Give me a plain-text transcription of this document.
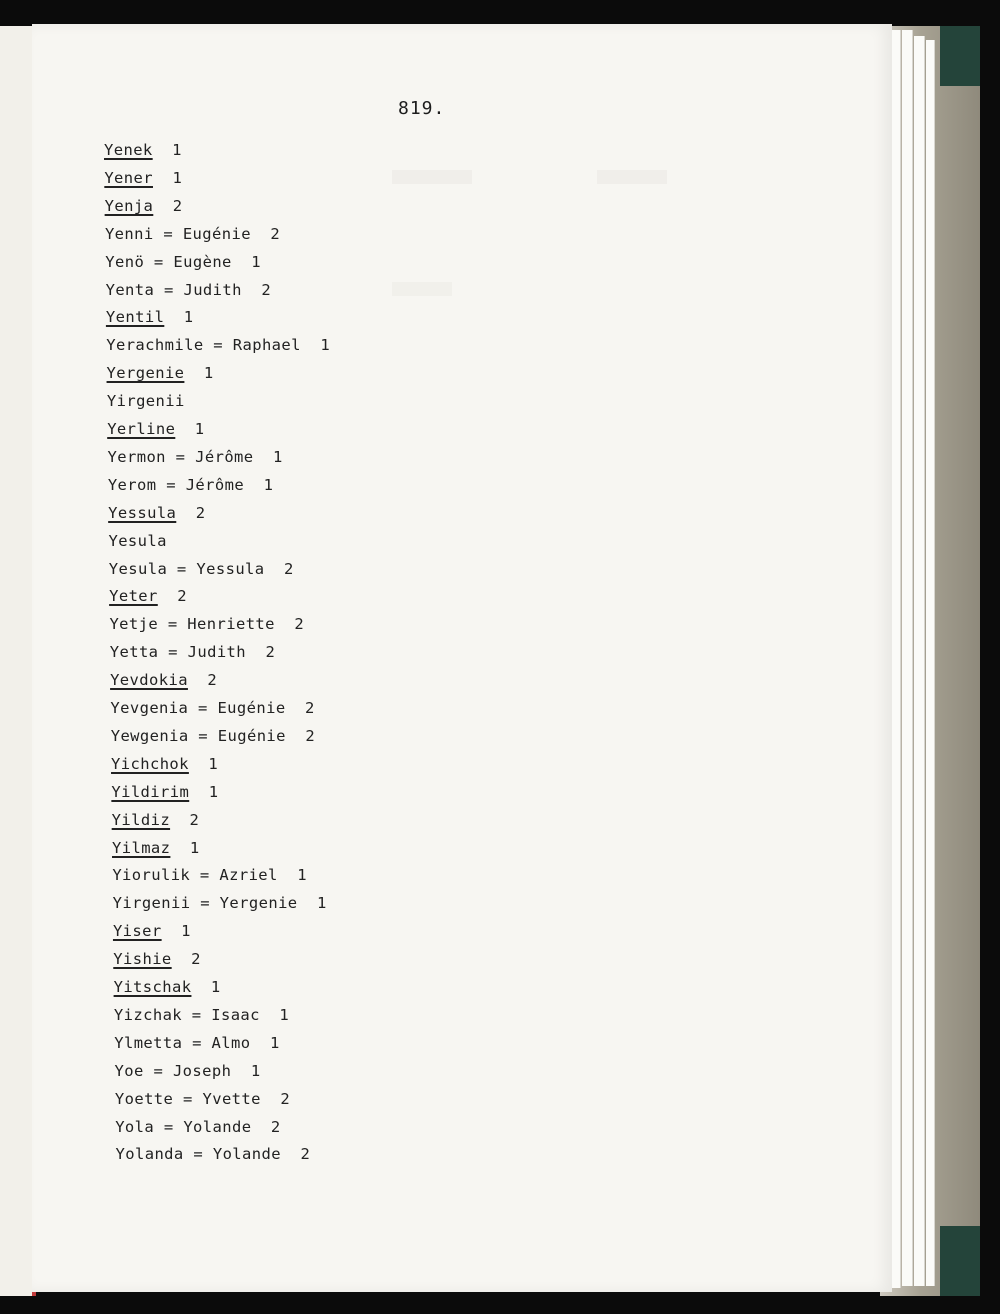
819.
Yenek 1
Yener 1
Yenja 2
Yenni = Eugénie 2
Yenö = Eugène 1
Yenta = Judith 2
Yentil 1
Yerachmile = Raphael 1
Yergenie 1
Yirgenii
Yerline 1
Yermon = Jérôme 1
Yerom = Jérôme 1
Yessula 2
Yesula
Yesula = Yessula 2
Yeter 2
Yetje = Henriette 2
Yetta = Judith 2
Yevdokia 2
Yevgenia = Eugénie 2
Yewgenia = Eugénie 2
Yichchok 1
Yildirim 1
Yildiz 2
Yilmaz 1
Yiorulik = Azriel 1
Yirgenii = Yergenie 1
Yiser 1
Yishie 2
Yitschak 1
Yizchak = Isaac 1
Ylmetta = Almo 1
Yoe = Joseph 1
Yoette = Yvette 2
Yola = Yolande 2
Yolanda = Yolande 2
